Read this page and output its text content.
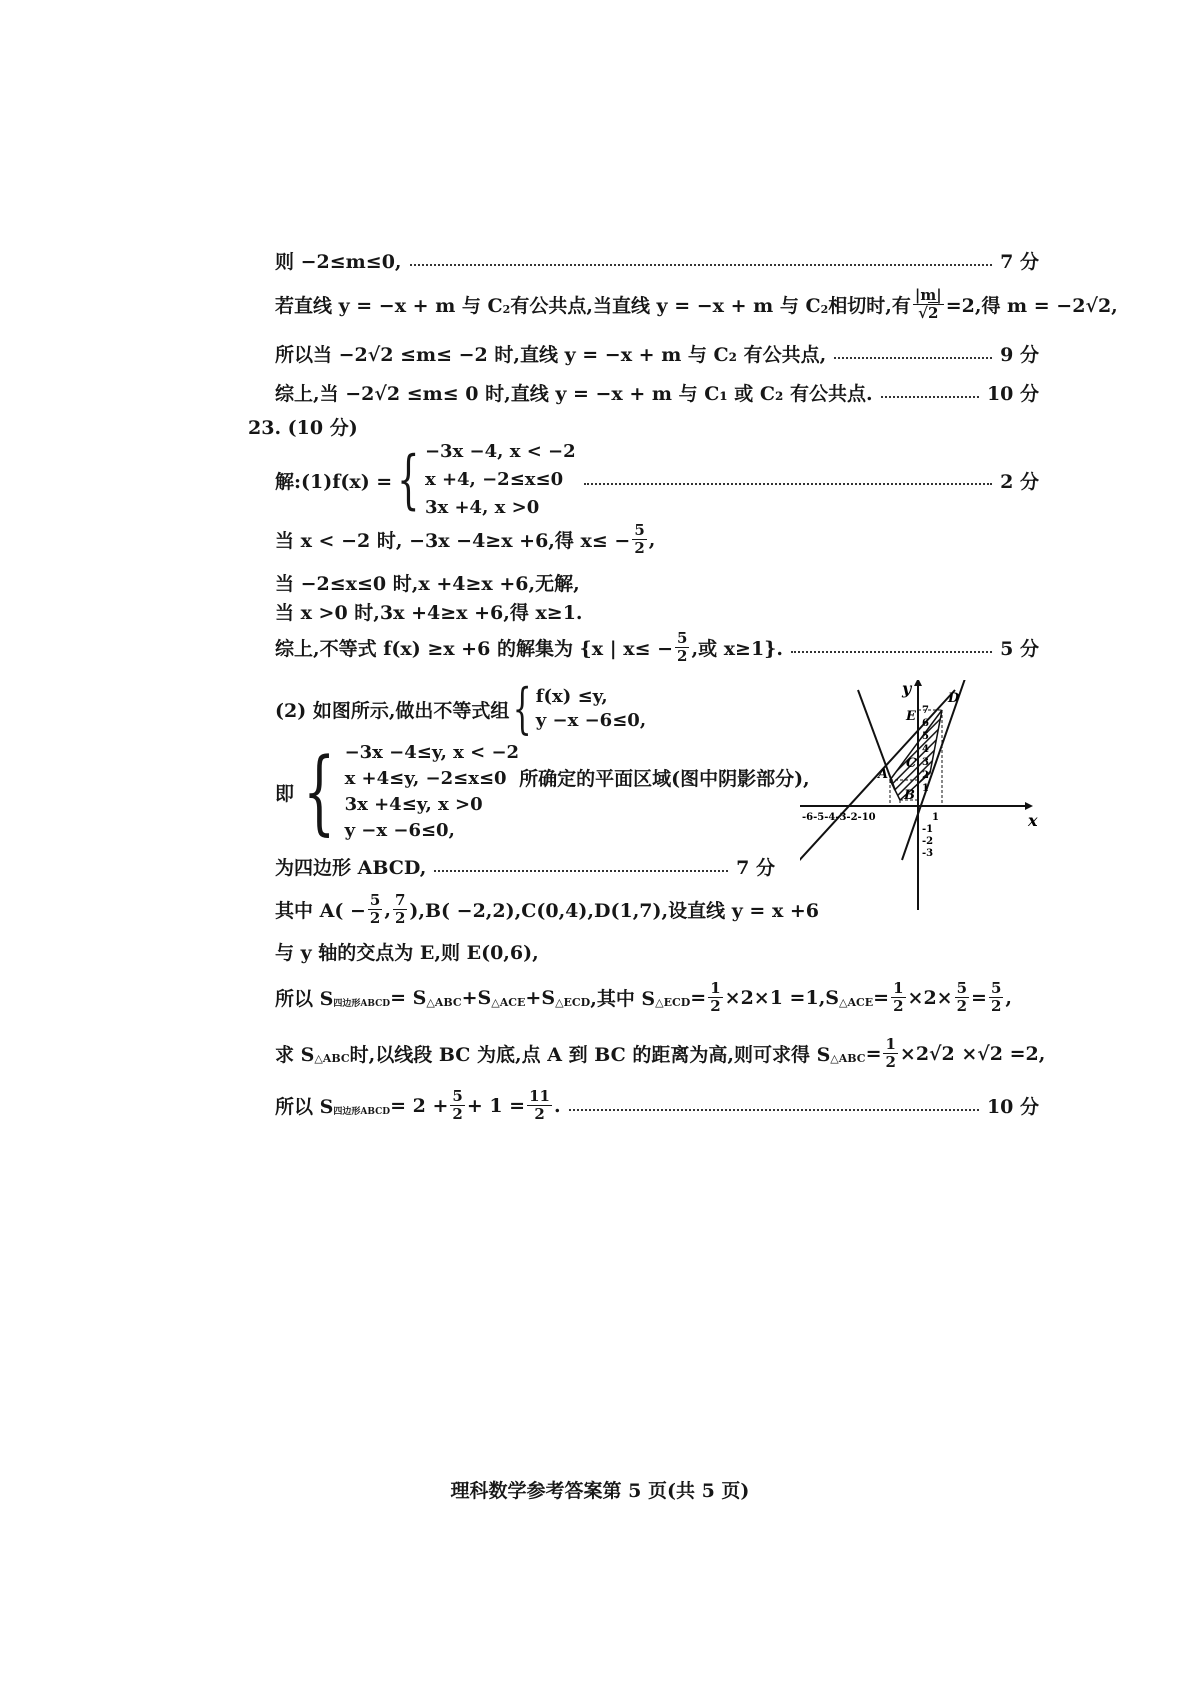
则 −2≤m≤0,	7 分
若直线 y = −x + m 与 C 2 有公共点,当直线 y = −x + m 与 C 2 相切时,有 $\frac{|m|}{√2} =2$,得 m = −2√2,
所以当 −2√2 ≤m≤ −2 时,直线 y = −x + m 与 C₂ 有公共点,	9 分
综上,当 −2√2 ≤m≤ 0 时,直线 y = −x + m 与 C₁ 或 C₂ 有公共点.	10 分
23. (10 分)
解:(1)f(x) = { −3x −4, x < −2
x +4, −2≤x≤0
3x +4, x >0
2 分
当 x < −2 时, −3x −4≥x +6,得 $x\le - \frac{5}{2}$ ,
当 −2≤x≤0 时,x +4≥x +6,无解,
当 x >0 时,3x +4≥x +6,得 x≥1.
综上,不等式 f(x) ≥x +6 的解集为 {x | $x\le - \frac{5}{2}$ ,或 x≥1}.	5 分
(2) 如图所示,做出不等式组 { f(x) ≤y,
y −x −6≤0,
即 { −3x −4≤y, x < −2
x +4≤y, −2≤x≤0
3x +4≤y, x >0
y −x −6≤0,
所确定的平面区域(图中阴影部分),
为四边形 ABCD,	7 分
其中 $A( - \frac{5}{2}$ , $\frac{7}{2} ),B( -2,2),C(0,4),D(1,7)$,设直线 y = x +6
与 y 轴的交点为 E,则 E(0,6),
所以 S 四边形ABCD = S △ABC +S △ACE +S △ECD ,其中 S △ECD = $\frac{1}{2} \times 2\times 1 =1,S$ △ACE = $\frac{1}{2} \times 2\times \frac{5}{2} = \frac{5}{2}$ ,
求 S △ABC 时,以线段 BC 为底,点 A 到 BC 的距离为高,则可求得 S △ABC = $\frac{1}{2} \times 2√2 \times√2 =2$,
所以 S 四边形ABCD = $2 + \frac{5}{2} + 1 = \frac{11}{2}$ .	10 分
y
x
-6-5-4-3-2-10	1
7
6
5
4
3
2
1
-1
-2
-3
A
B
C
D
E
理科数学参考答案第 5 页(共 5 页)
